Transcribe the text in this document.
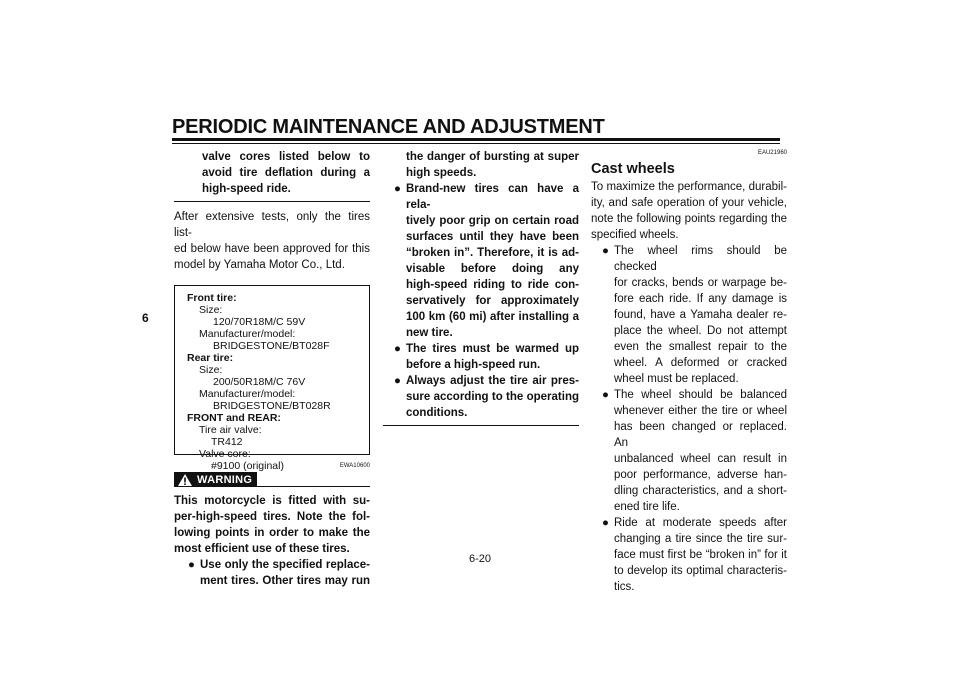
PERIODIC MAINTENANCE AND ADJUSTMENT
6
6-20
valve cores listed below to
avoid tire deflation during a
high-speed ride.
After extensive tests, only the tires list-
ed below have been approved for this
model by Yamaha Motor Co., Ltd.
Front tire:
Size:
120/70R18M/C 59V
Manufacturer/model:
BRIDGESTONE/BT028F
Rear tire:
Size:
200/50R18M/C 76V
Manufacturer/model:
BRIDGESTONE/BT028R
FRONT and REAR:
Tire air valve:
TR412
Valve core:
#9100 (original)	EWA10600
WARNING
This motorcycle is fitted with su-
per-high-speed tires. Note the fol-
lowing points in order to make the
most efficient use of these tires.
● Use only the specified replace-
ment tires. Other tires may run
the danger of bursting at super
high speeds.
● Brand-new tires can have a rela-
tively poor grip on certain road
surfaces until they have been
“broken in”. Therefore, it is ad-
visable before doing any
high-speed riding to ride con-
servatively for approximately
100 km (60 mi) after installing a
new tire.
● The tires must be warmed up
before a high-speed run.
● Always adjust the tire air pres-
sure according to the operating
conditions.
EAU21960
Cast wheels
To maximize the performance, durabil-
ity, and safe operation of your vehicle,
note the following points regarding the
specified wheels.
● The wheel rims should be checked
for cracks, bends or warpage be-
fore each ride. If any damage is
found, have a Yamaha dealer re-
place the wheel. Do not attempt
even the smallest repair to the
wheel. A deformed or cracked
wheel must be replaced.
● The wheel should be balanced
whenever either the tire or wheel
has been changed or replaced. An
unbalanced wheel can result in
poor performance, adverse han-
dling characteristics, and a short-
ened tire life.
● Ride at moderate speeds after
changing a tire since the tire sur-
face must first be “broken in” for it
to develop its optimal characteris-
tics.
